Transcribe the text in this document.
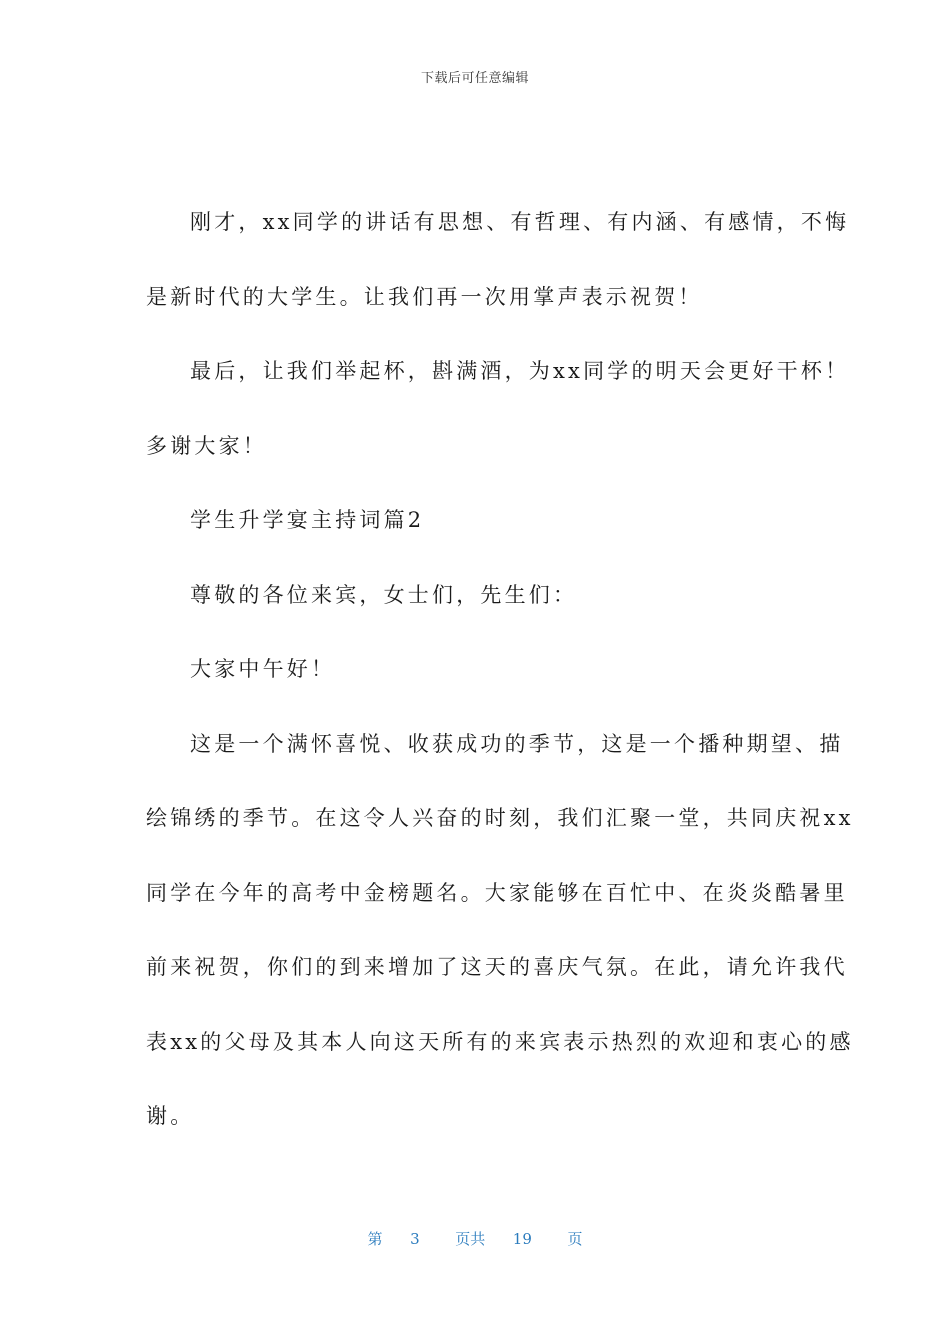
下载后可任意编辑
刚才，xx同学的讲话有思想、有哲理、有内涵、有感情，不悔
是新时代的大学生。让我们再一次用掌声表示祝贺！
最后，让我们举起杯，斟满酒，为xx同学的明天会更好干杯！
多谢大家！
学生升学宴主持词篇2
尊敬的各位来宾，女士们，先生们：
大家中午好！
这是一个满怀喜悦、收获成功的季节，这是一个播种期望、描
绘锦绣的季节。在这令人兴奋的时刻，我们汇聚一堂，共同庆祝xx
同学在今年的高考中金榜题名。大家能够在百忙中、在炎炎酷暑里
前来祝贺，你们的到来增加了这天的喜庆气氛。在此，请允许我代
表xx的父母及其本人向这天所有的来宾表示热烈的欢迎和衷心的感
谢。
第 3 页共 19 页
